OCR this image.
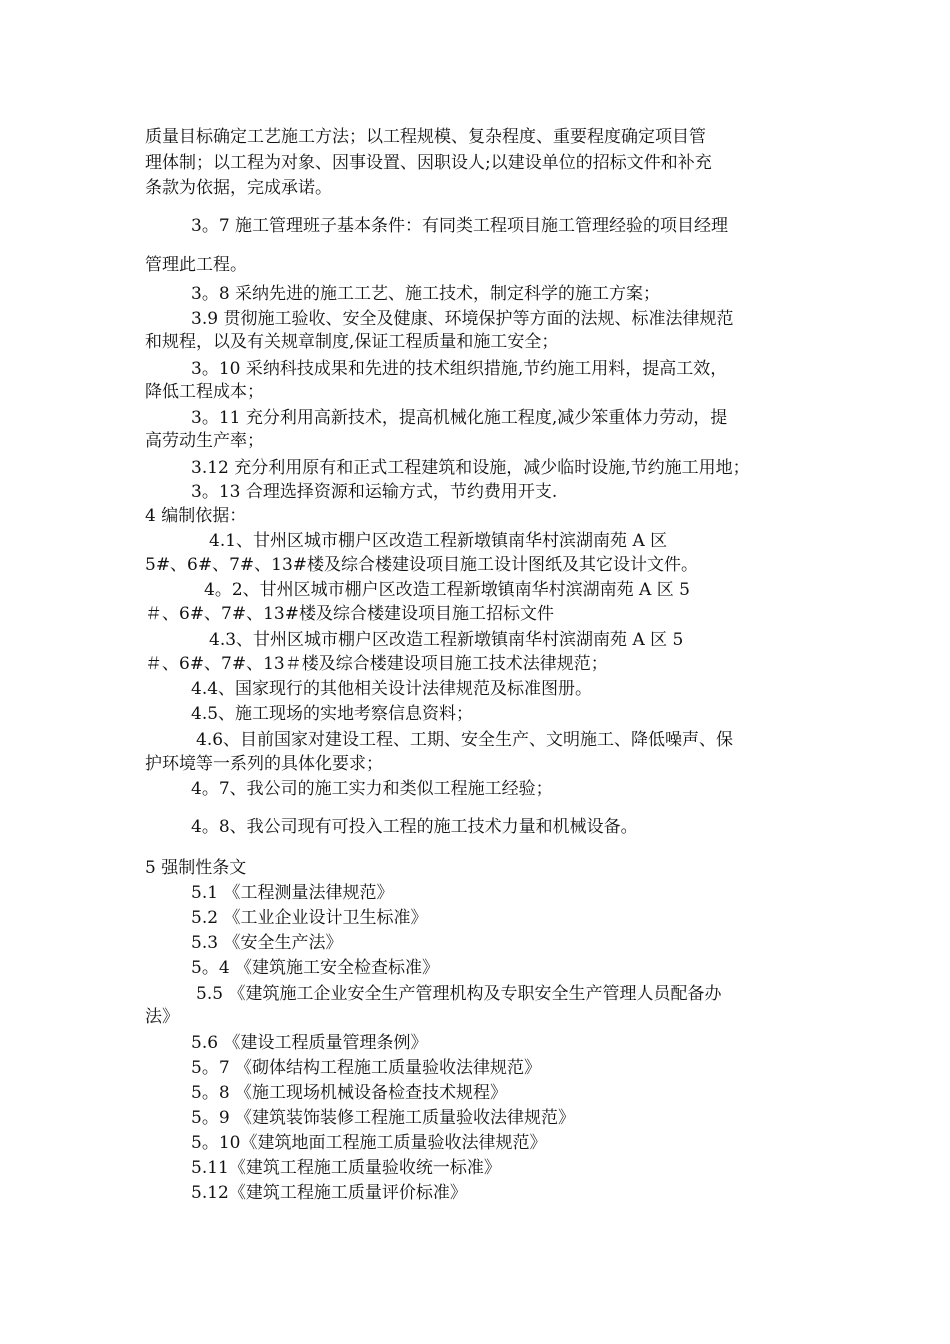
质量目标确定工艺施工方法；以工程规模、复杂程度、重要程度确定项目管
理体制；以工程为对象、因事设置、因职设人;以建设单位的招标文件和补充
条款为依据，完成承诺。
3。7 施工管理班子基本条件：有同类工程项目施工管理经验的项目经理
管理此工程。
3。8 采纳先进的施工工艺、施工技术，制定科学的施工方案；
3.9 贯彻施工验收、安全及健康、环境保护等方面的法规、标准法律规范
和规程，以及有关规章制度,保证工程质量和施工安全；
3。10 采纳科技成果和先进的技术组织措施,节约施工用料，提高工效，
降低工程成本；
3。11 充分利用高新技术，提高机械化施工程度,减少笨重体力劳动，提
高劳动生产率；
3.12 充分利用原有和正式工程建筑和设施，减少临时设施,节约施工用地；
3。13 合理选择资源和运输方式，节约费用开支.
4 编制依据：
4.1、甘州区城市棚户区改造工程新墩镇南华村滨湖南苑 A 区
5#、6#、7#、13#楼及综合楼建设项目施工设计图纸及其它设计文件。
4。2、甘州区城市棚户区改造工程新墩镇南华村滨湖南苑 A 区 5
＃、6#、7#、13#楼及综合楼建设项目施工招标文件
4.3、甘州区城市棚户区改造工程新墩镇南华村滨湖南苑 A 区 5
＃、6#、7#、13＃楼及综合楼建设项目施工技术法律规范；
4.4、国家现行的其他相关设计法律规范及标准图册。
4.5、施工现场的实地考察信息资料；
4.6、目前国家对建设工程、工期、安全生产、文明施工、降低噪声、保
护环境等一系列的具体化要求；
4。7、我公司的施工实力和类似工程施工经验；
4。8、我公司现有可投入工程的施工技术力量和机械设备。
5 强制性条文
5.1 《工程测量法律规范》
5.2 《工业企业设计卫生标准》
5.3 《安全生产法》
5。4 《建筑施工安全检查标准》
5.5 《建筑施工企业安全生产管理机构及专职安全生产管理人员配备办
法》
5.6 《建设工程质量管理条例》
5。7 《砌体结构工程施工质量验收法律规范》
5。8 《施工现场机械设备检查技术规程》
5。9 《建筑装饰装修工程施工质量验收法律规范》
5。10《建筑地面工程施工质量验收法律规范》
5.11《建筑工程施工质量验收统一标准》
5.12《建筑工程施工质量评价标准》
